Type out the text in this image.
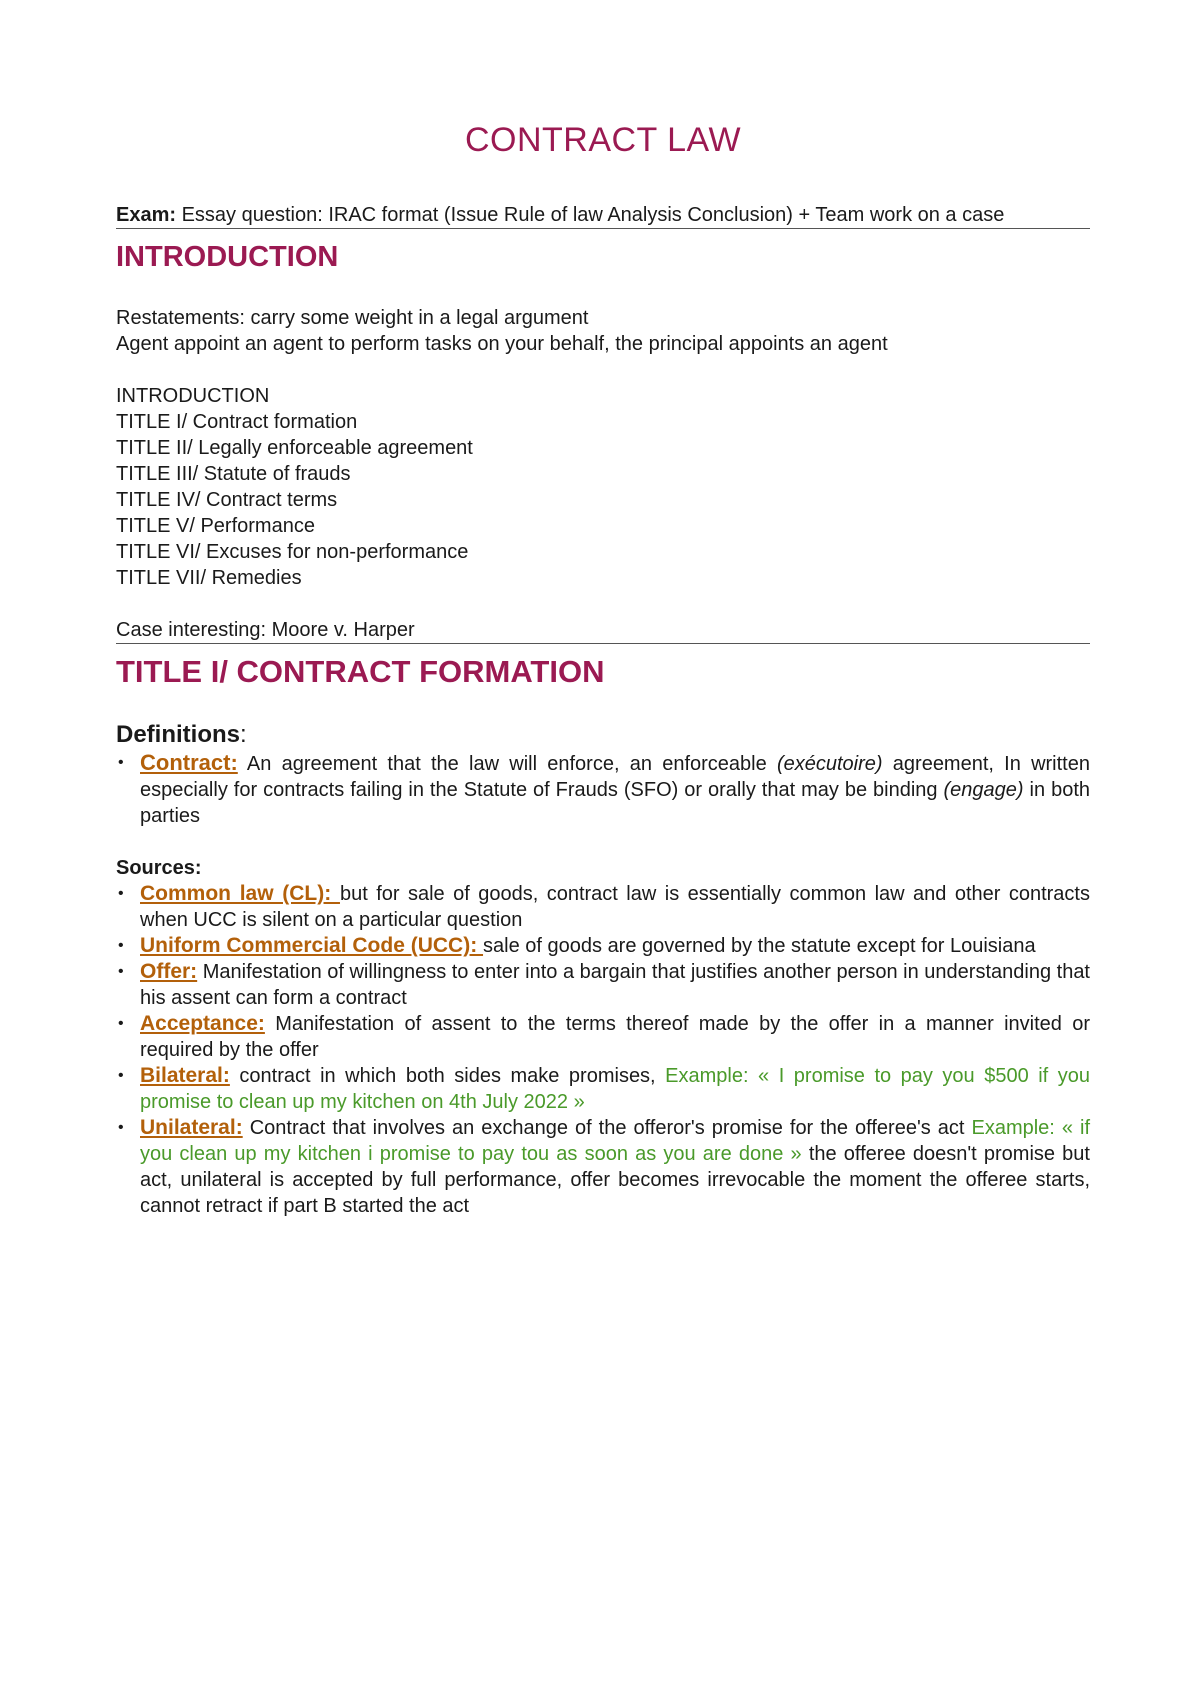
CONTRACT LAW

Exam: Essay question: IRAC format (Issue Rule of law Analysis Conclusion) + Team work on a case

INTRODUCTION

Restatements: carry some weight in a legal argument

Agent appoint an agent to perform tasks on your behalf, the principal appoints an agent

INTRODUCTION

TITLE I/ Contract formation

TITLE II/ Legally enforceable agreement

TITLE III/ Statute of frauds

TITLE IV/ Contract terms

TITLE V/ Performance

TITLE VI/ Excuses for non-performance

TITLE VII/ Remedies

Case interesting: Moore v. Harper

TITLE I/ CONTRACT FORMATION
Definitions:
• Contract: An agreement that the law will enforce, an enforceable (exécutoire) agreement, In written especially for contracts failing in the Statute of Frauds (SFO) or orally that may be binding (engage) in both parties
Sources:
• Common law (CL): but for sale of goods, contract law is essentially common law and other contracts when UCC is silent on a particular question
• Uniform Commercial Code (UCC): sale of goods are governed by the statute except for Louisiana
• Offer: Manifestation of willingness to enter into a bargain that justifies another person in understanding that his assent can form a contract
• Acceptance: Manifestation of assent to the terms thereof made by the offer in a manner invited or required by the offer
• Bilateral: contract in which both sides make promises, Example: « I promise to pay you $500 if you promise to clean up my kitchen on 4th July 2022 »
• Unilateral: Contract that involves an exchange of the offeror's promise for the offeree's act Example: « if you clean up my kitchen i promise to pay tou as soon as you are done » the offeree doesn't promise but act, unilateral is accepted by full performance, offer becomes irrevocable the moment the offeree starts, cannot retract if part B started the act
